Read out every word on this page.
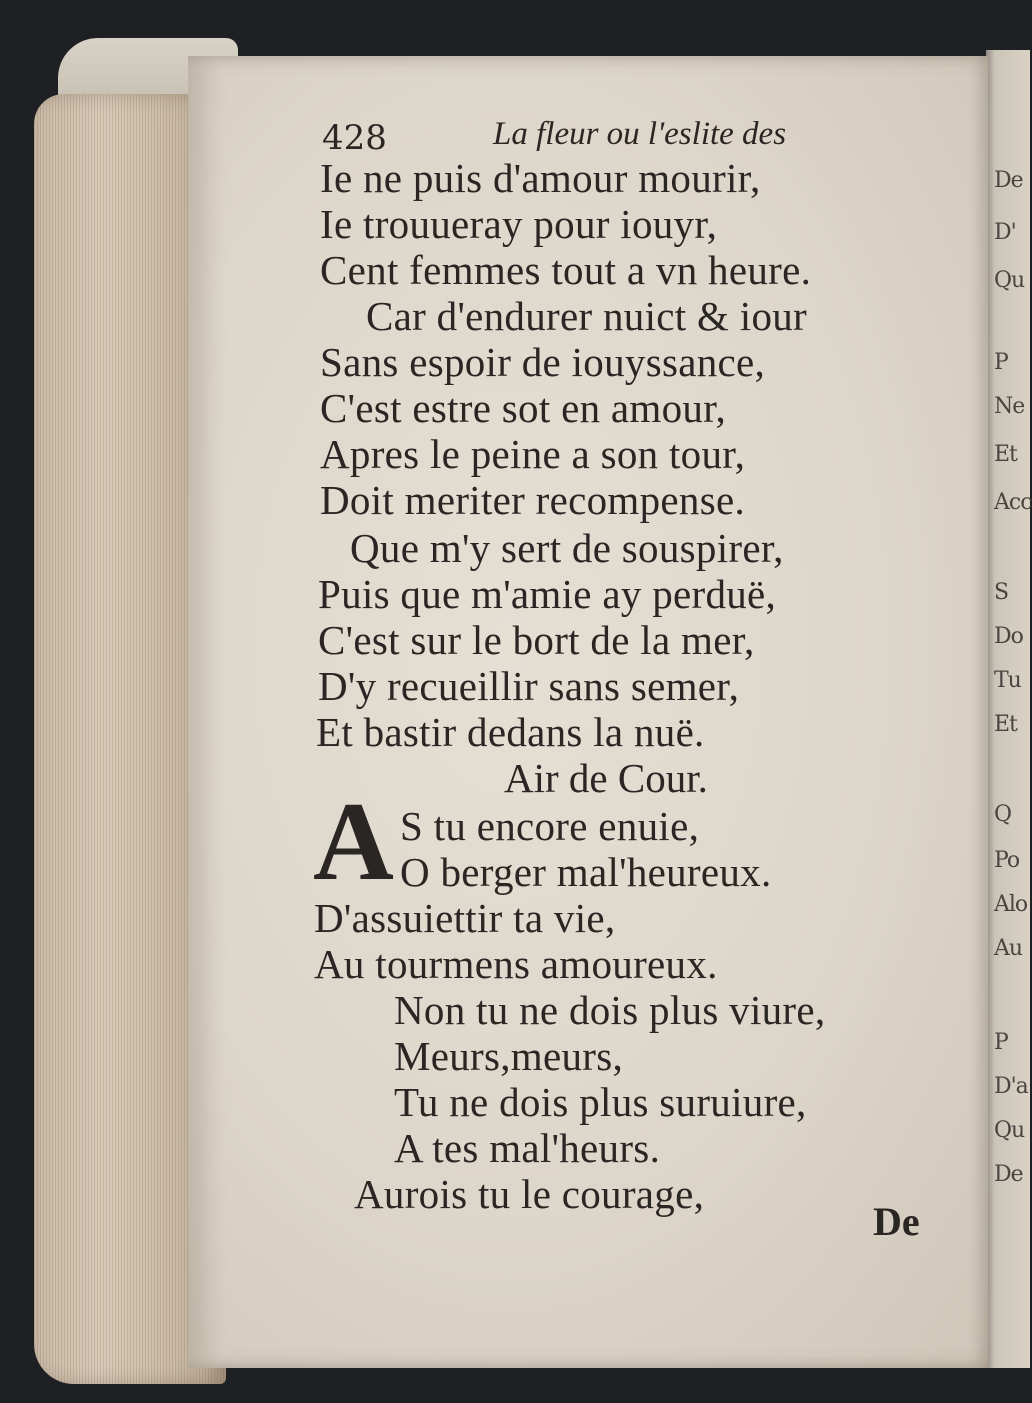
De
D'
Qu
P
Ne
Et
Acc
S
Do
Tu
Et
Q
Po
Alo
Au
P
D'a
Qu
De
428	La fleur ou l'eslite des
Ie ne puis d'amour mourir,
Ie trouueray pour iouyr,
Cent femmes tout a vn heure.
Car d'endurer nuict & iour
Sans espoir de iouyssance,
C'est estre sot en amour,
Apres le peine a son tour,
Doit meriter recompense.
Que m'y sert de souspirer,
Puis que m'amie ay perduë,
C'est sur le bort de la mer,
D'y recueillir sans semer,
Et bastir dedans la nuë.
Air de Cour.
A S tu encore enuie,
O berger mal'heureux.
D'assuiettir ta vie,
Au tourmens amoureux.
Non tu ne dois plus viure,
Meurs,meurs,
Tu ne dois plus suruiure,
A tes mal'heurs.
Aurois tu le courage,
De
